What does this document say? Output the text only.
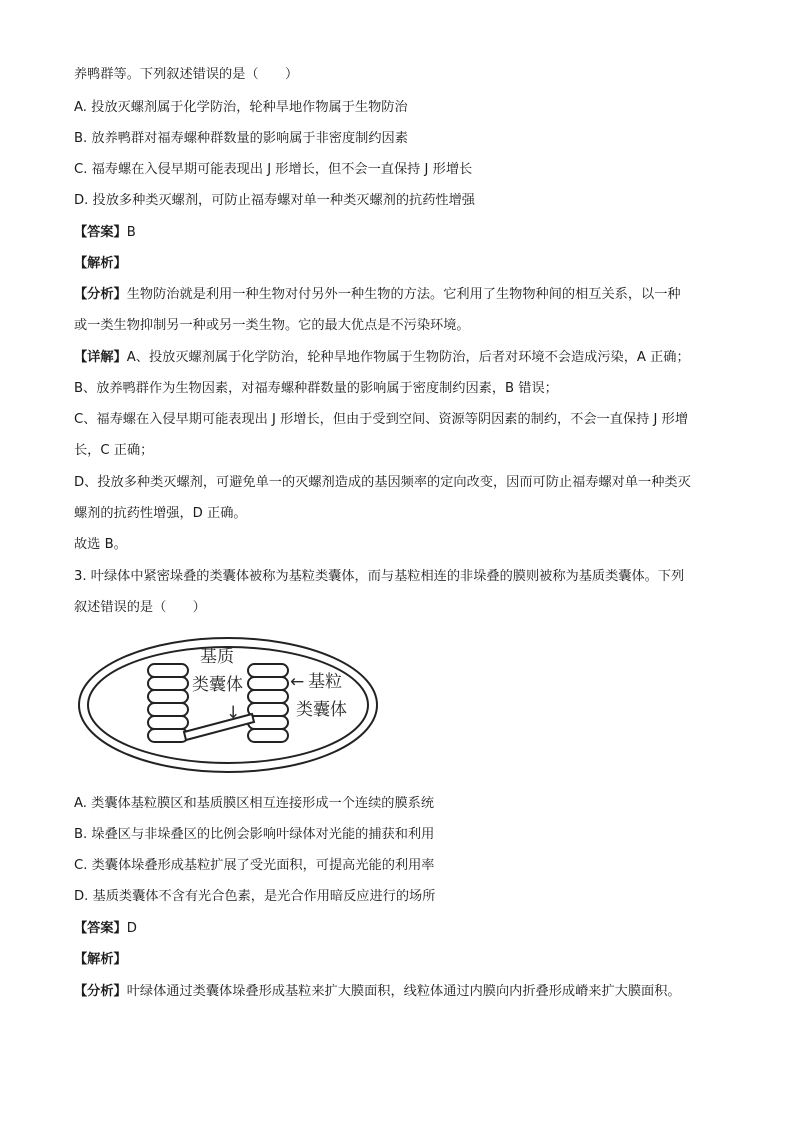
养鸭群等。下列叙述错误的是（　　）
A. 投放灭螺剂属于化学防治，轮种旱地作物属于生物防治
B. 放养鸭群对福寿螺种群数量的影响属于非密度制约因素
C. 福寿螺在入侵早期可能表现出 J 形增长，但不会一直保持 J 形增长
D. 投放多种类灭螺剂，可防止福寿螺对单一种类灭螺剂的抗药性增强
【答案】B
【解析】
【分析】生物防治就是利用一种生物对付另外一种生物的方法。它利用了生物物种间的相互关系，以一种
或一类生物抑制另一种或另一类生物。它的最大优点是不污染环境。
【详解】A、投放灭螺剂属于化学防治，轮种旱地作物属于生物防治，后者对环境不会造成污染，A 正确；
B、放养鸭群作为生物因素，对福寿螺种群数量的影响属于密度制约因素，B 错误；
C、福寿螺在入侵早期可能表现出 J 形增长，但由于受到空间、资源等阴因素的制约，不会一直保持 J 形增
长，C 正确；
D、投放多种类灭螺剂，可避免单一的灭螺剂造成的基因频率的定向改变，因而可防止福寿螺对单一种类灭
螺剂的抗药性增强，D 正确。
故选 B。
3. 叶绿体中紧密垛叠的类囊体被称为基粒类囊体，而与基粒相连的非垛叠的膜则被称为基质类囊体。下列
叙述错误的是（　　）
基质
类囊体
↓
← 基粒
类囊体
A. 类囊体基粒膜区和基质膜区相互连接形成一个连续的膜系统
B. 垛叠区与非垛叠区的比例会影响叶绿体对光能的捕获和利用
C. 类囊体垛叠形成基粒扩展了受光面积，可提高光能的利用率
D. 基质类囊体不含有光合色素，是光合作用暗反应进行的场所
【答案】D
【解析】
【分析】叶绿体通过类囊体垛叠形成基粒来扩大膜面积，线粒体通过内膜向内折叠形成嵴来扩大膜面积。
